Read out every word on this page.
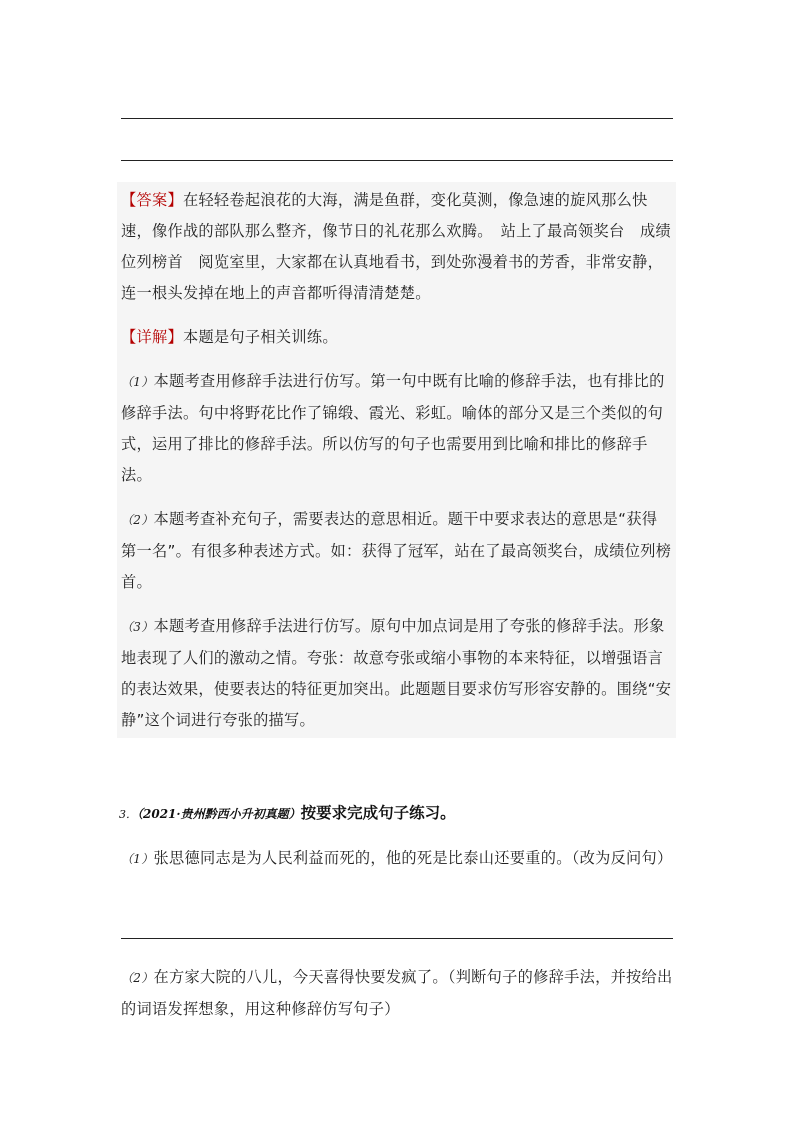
【答案】在轻轻卷起浪花的大海，满是鱼群，变化莫测，像急速的旋风那么快速，像作战的部队那么整齐，像节日的礼花那么欢腾。　站上了最高领奖台　成绩位列榜首　阅览室里，大家都在认真地看书，到处弥漫着书的芳香，非常安静，连一根头发掉在地上的声音都听得清清楚楚。

【详解】本题是句子相关训练。

（1）本题考查用修辞手法进行仿写。第一句中既有比喻的修辞手法，也有排比的修辞手法。句中将野花比作了锦缎、霞光、彩虹。喻体的部分又是三个类似的句式，运用了排比的修辞手法。所以仿写的句子也需要用到比喻和排比的修辞手法。

（2）本题考查补充句子，需要表达的意思相近。题干中要求表达的意思是“获得第一名”。有很多种表述方式。如：获得了冠军，站在了最高领奖台，成绩位列榜首。

（3）本题考查用修辞手法进行仿写。原句中加点词是用了夸张的修辞手法。形象地表现了人们的激动之情。夸张：故意夸张或缩小事物的本来特征，以增强语言的表达效果，使要表达的特征更加突出。此题题目要求仿写形容安静的。围绕“安静”这个词进行夸张的描写。

3．（2021·贵州黔西小升初真题）按要求完成句子练习。
（1）张思德同志是为人民利益而死的，他的死是比泰山还要重的。（改为反问句）
（2）在方家大院的八儿，今天喜得快要发疯了。（判断句子的修辞手法，并按给出的词语发挥想象，用这种修辞仿写句子）
